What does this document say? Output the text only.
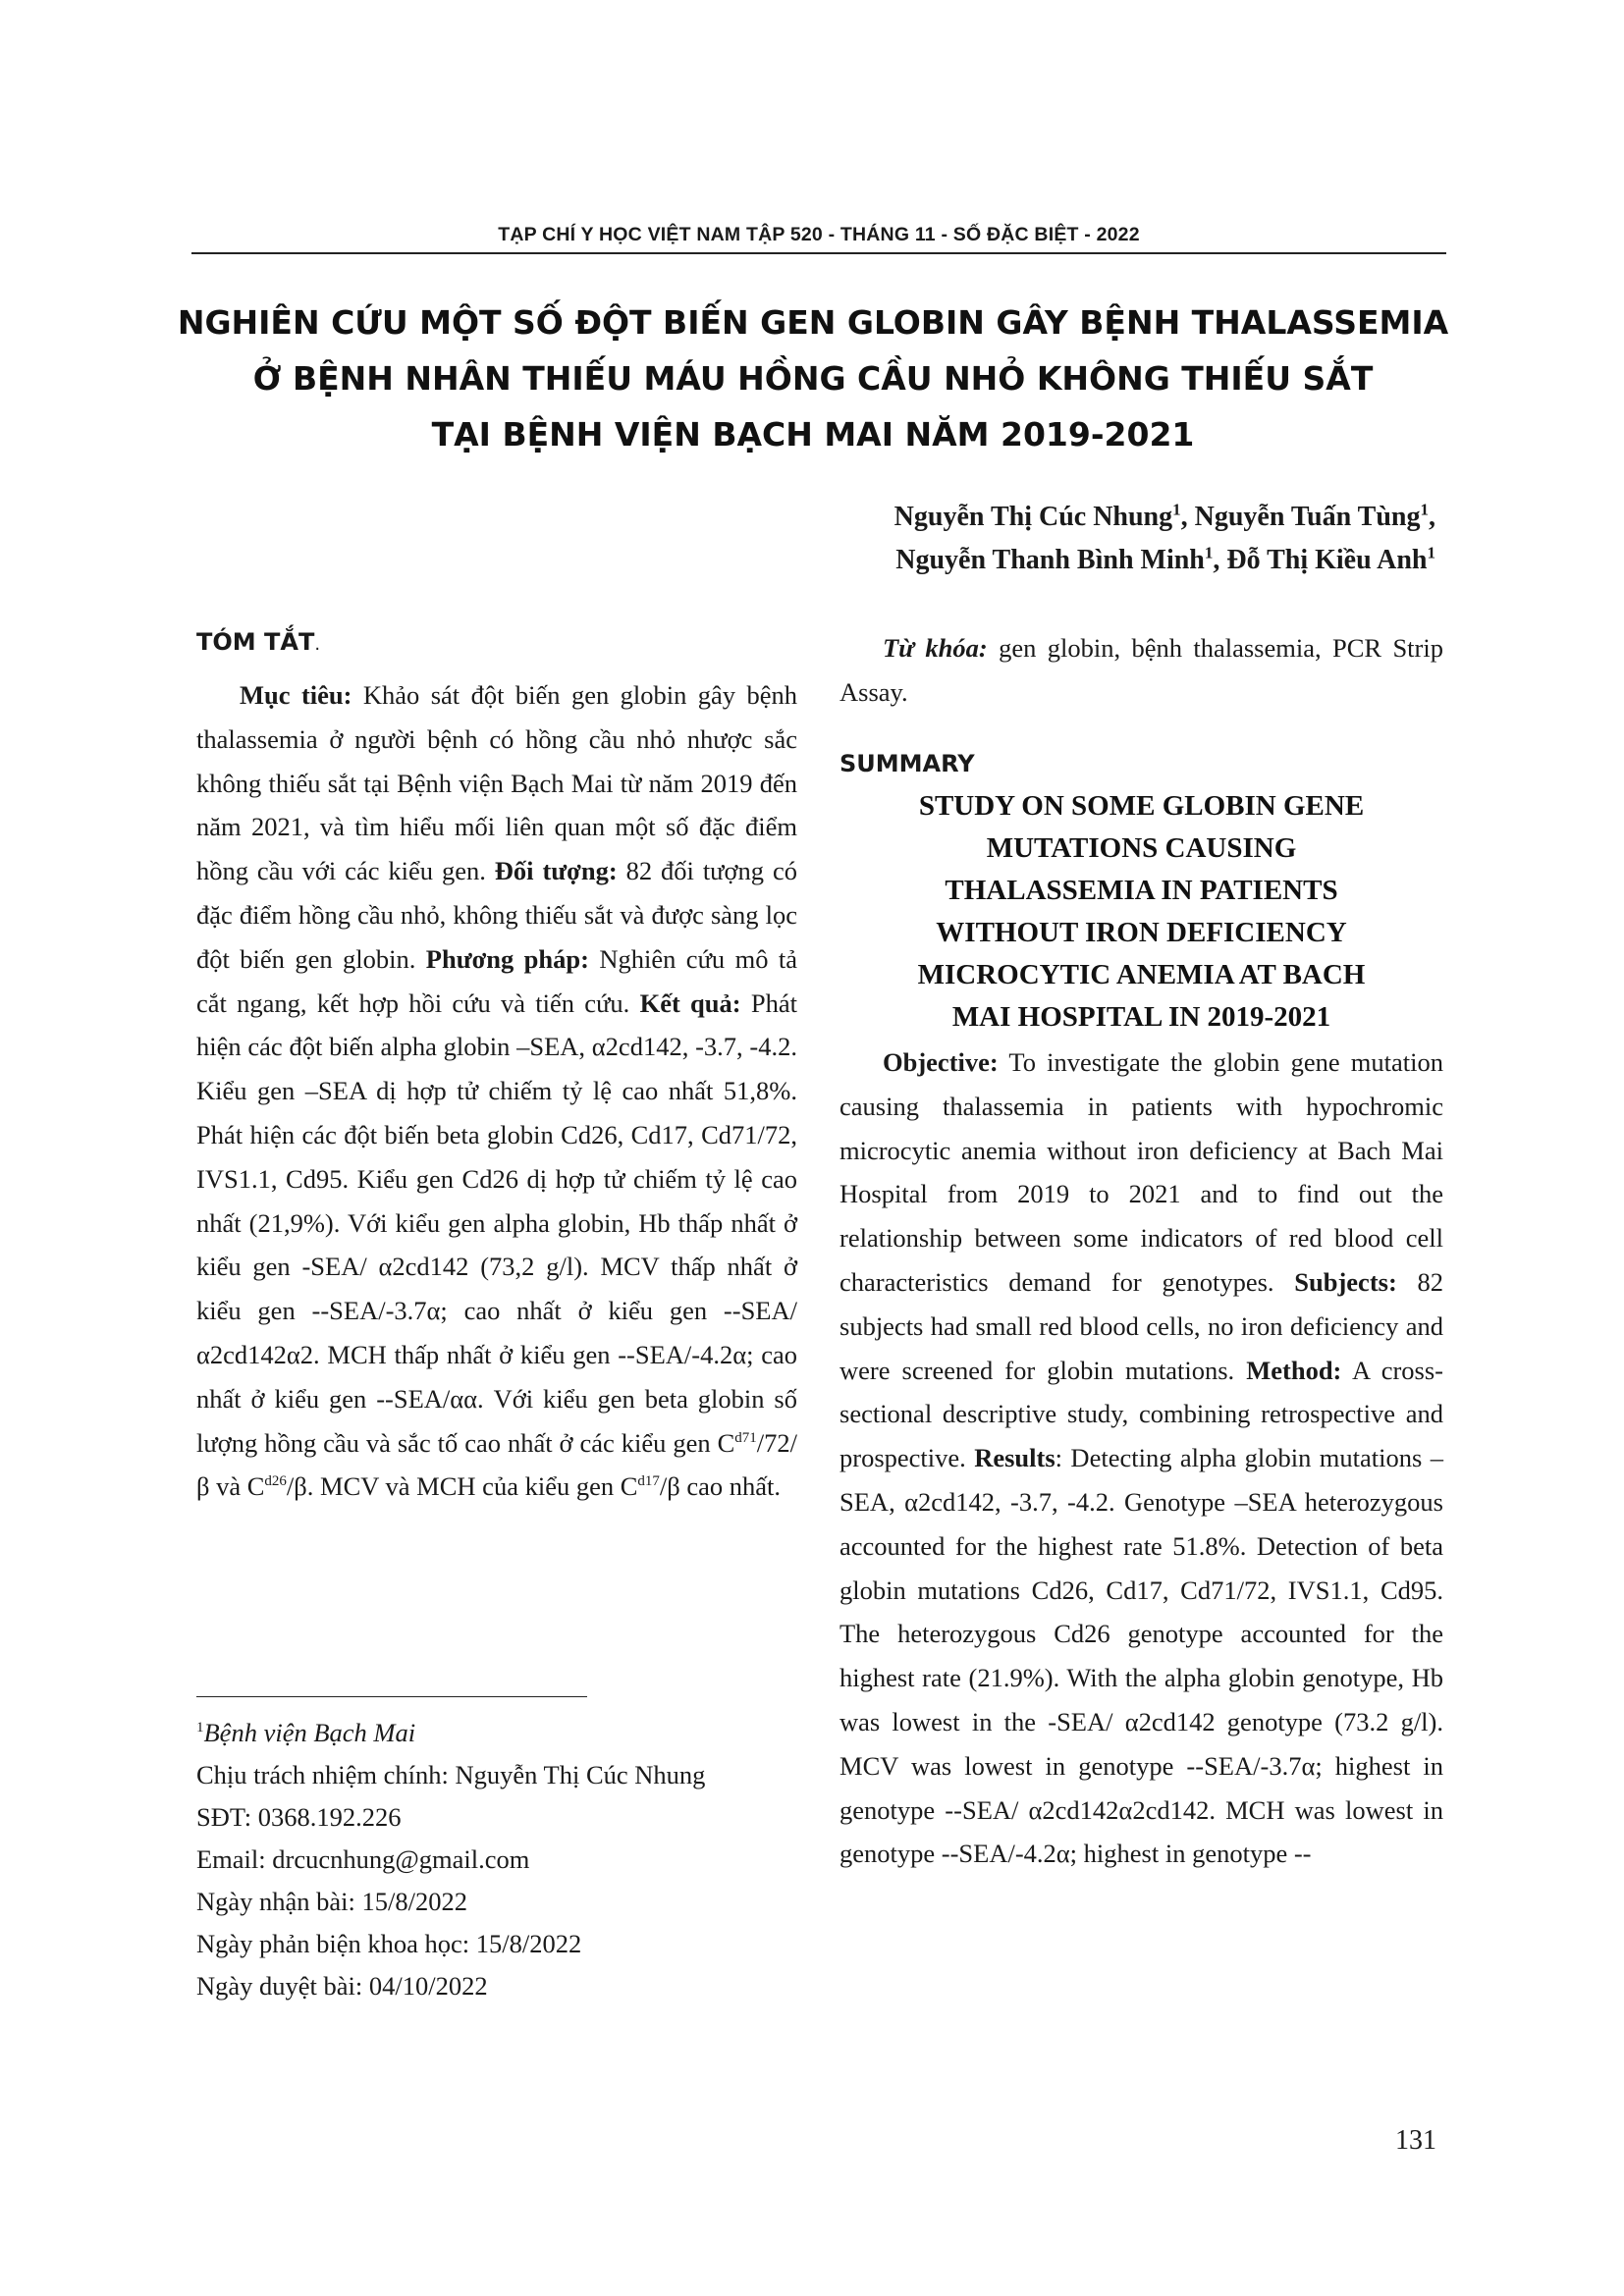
TẠP CHÍ Y HỌC VIỆT NAM TẬP 520 - THÁNG 11 - SỐ ĐẶC BIỆT - 2022
NGHIÊN CỨU MỘT SỐ ĐỘT BIẾN GEN GLOBIN GÂY BỆNH THALASSEMIA
Ở BỆNH NHÂN THIẾU MÁU HỒNG CẦU NHỎ KHÔNG THIẾU SẮT
TẠI BỆNH VIỆN BẠCH MAI NĂM 2019-2021
Nguyễn Thị Cúc Nhung$^1$, Nguyễn Tuấn Tùng$^1$,
Nguyễn Thanh Bình Minh$^1$, Đỗ Thị Kiều Anh$^1$
TÓM TẮT.

Mục tiêu: Khảo sát đột biến gen globin gây bệnh thalassemia ở người bệnh có hồng cầu nhỏ nhược sắc không thiếu sắt tại Bệnh viện Bạch Mai từ năm 2019 đến năm 2021, và tìm hiểu mối liên quan một số đặc điểm hồng cầu với các kiểu gen. Đối tượng: 82 đối tượng có đặc điểm hồng cầu nhỏ, không thiếu sắt và được sàng lọc đột biến gen globin. Phương pháp: Nghiên cứu mô tả cắt ngang, kết hợp hồi cứu và tiến cứu. Kết quả: Phát hiện các đột biến alpha globin –SEA, α2cd142, -3.7, -4.2. Kiểu gen –SEA dị hợp tử chiếm tỷ lệ cao nhất 51,8%. Phát hiện các đột biến beta globin Cd26, Cd17, Cd71/72, IVS1.1, Cd95. Kiểu gen Cd26 dị hợp tử chiếm tỷ lệ cao nhất (21,9%). Với kiểu gen alpha globin, Hb thấp nhất ở kiểu gen -SEA/ α2cd142 (73,2 g/l). MCV thấp nhất ở kiểu gen --SEA/-3.7α; cao nhất ở kiểu gen --SEA/ α2cd142α2. MCH thấp nhất ở kiểu gen --SEA/-4.2α; cao nhất ở kiểu gen --SEA/αα. Với kiểu gen beta globin số lượng hồng cầu và sắc tố cao nhất ở các kiểu gen $C^{d71}/72/\beta$ và $C^{d26}/\beta$. MCV và MCH của kiểu gen $C^{d17}/\beta$ cao nhất.

$^1$Bệnh viện Bạch Mai
Chịu trách nhiệm chính: Nguyễn Thị Cúc Nhung
SĐT: 0368.192.226
Email: drcucnhung@gmail.com
Ngày nhận bài: 15/8/2022
Ngày phản biện khoa học: 15/8/2022
Ngày duyệt bài: 04/10/2022

Từ khóa: gen globin, bệnh thalassemia, PCR Strip Assay.

SUMMARY
STUDY ON SOME GLOBIN GENE
MUTATIONS CAUSING
THALASSEMIA IN PATIENTS
WITHOUT IRON DEFICIENCY
MICROCYTIC ANEMIA AT BACH
MAI HOSPITAL IN 2019-2021

Objective: To investigate the globin gene mutation causing thalassemia in patients with hypochromic microcytic anemia without iron deficiency at Bach Mai Hospital from 2019 to 2021 and to find out the relationship between some indicators of red blood cell characteristics demand for genotypes. Subjects: 82 subjects had small red blood cells, no iron deficiency and were screened for globin mutations. Method: A cross-sectional descriptive study, combining retrospective and prospective. Results: Detecting alpha globin mutations –SEA, α2cd142, -3.7, -4.2. Genotype –SEA heterozygous accounted for the highest rate 51.8%. Detection of beta globin mutations Cd26, Cd17, Cd71/72, IVS1.1, Cd95. The heterozygous Cd26 genotype accounted for the highest rate (21.9%). With the alpha globin genotype, Hb was lowest in the -SEA/ α2cd142 genotype (73.2 g/l). MCV was lowest in genotype --SEA/-3.7α; highest in genotype --SEA/ α2cd142α2cd142. MCH was lowest in genotype --SEA/-4.2α; highest in genotype --

131
